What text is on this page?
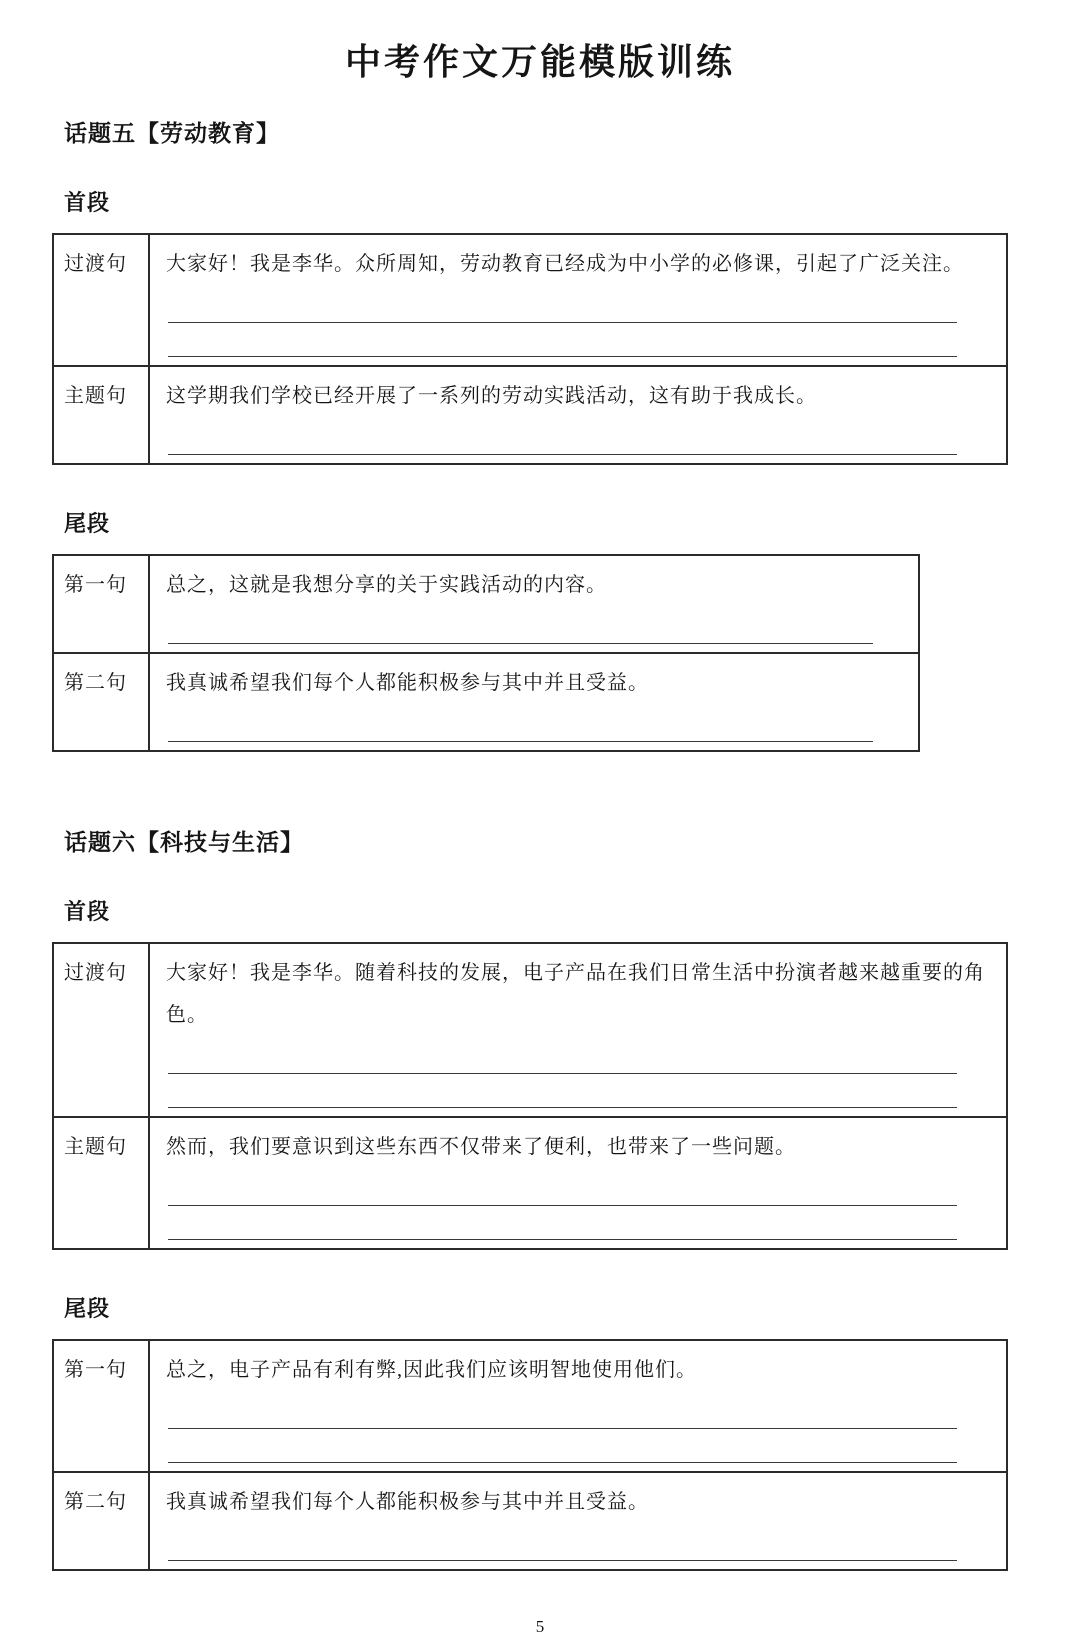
中考作文万能模版训练
话题五【劳动教育】
首段
过渡句	大家好！我是李华。众所周知，劳动教育已经成为中小学的必修课，引起了广泛关注。

主题句	这学期我们学校已经开展了一系列的劳动实践活动，这有助于我成长。
尾段
第一句	总之，这就是我想分享的关于实践活动的内容。

第二句	我真诚希望我们每个人都能积极参与其中并且受益。
话题六【科技与生活】
首段
过渡句	大家好！我是李华。随着科技的发展，电子产品在我们日常生活中扮演者越来越重要的角色。

主题句	然而，我们要意识到这些东西不仅带来了便利，也带来了一些问题。
尾段
第一句	总之，电子产品有利有弊,因此我们应该明智地使用他们。

第二句	我真诚希望我们每个人都能积极参与其中并且受益。
5
